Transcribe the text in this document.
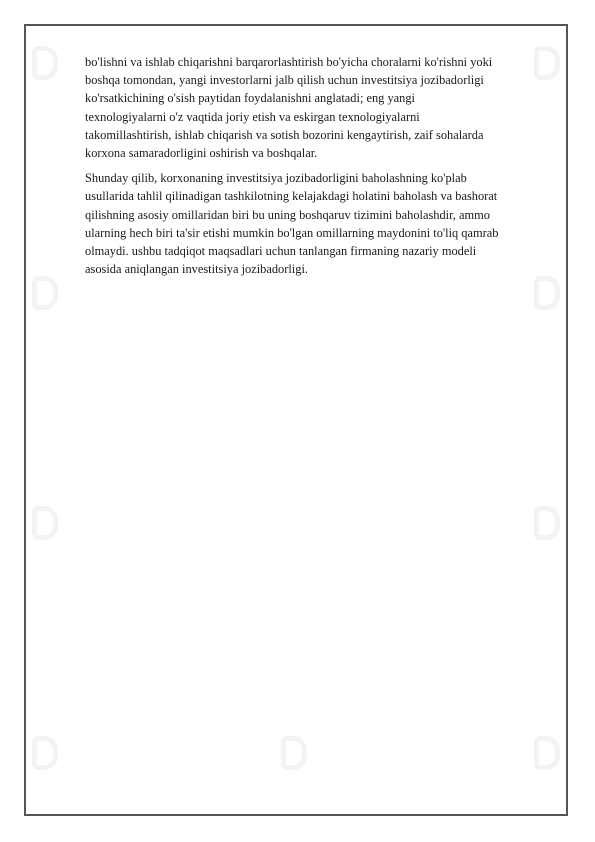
bo'lishni va ishlab chiqarishni barqarorlashtirish bo'yicha choralarni ko'rishni yoki
boshqa tomondan, yangi investorlarni jalb qilish uchun investitsiya jozibadorligi
ko'rsatkichining o'sish paytidan foydalanishni anglatadi; eng yangi
texnologiyalarni o'z vaqtida joriy etish va eskirgan texnologiyalarni
takomillashtirish, ishlab chiqarish va sotish bozorini kengaytirish, zaif sohalarda
korxona samaradorligini oshirish va boshqalar.

Shunday qilib, korxonaning investitsiya jozibadorligini baholashning ko'plab
usullarida tahlil qilinadigan tashkilotning kelajakdagi holatini baholash va bashorat
qilishning asosiy omillaridan biri bu uning boshqaruv tizimini baholashdir, ammo
ularning hech biri ta'sir etishi mumkin bo'lgan omillarning maydonini to'liq qamrab
olmaydi. ushbu tadqiqot maqsadlari uchun tanlangan firmaning nazariy modeli
asosida aniqlangan investitsiya jozibadorligi.
